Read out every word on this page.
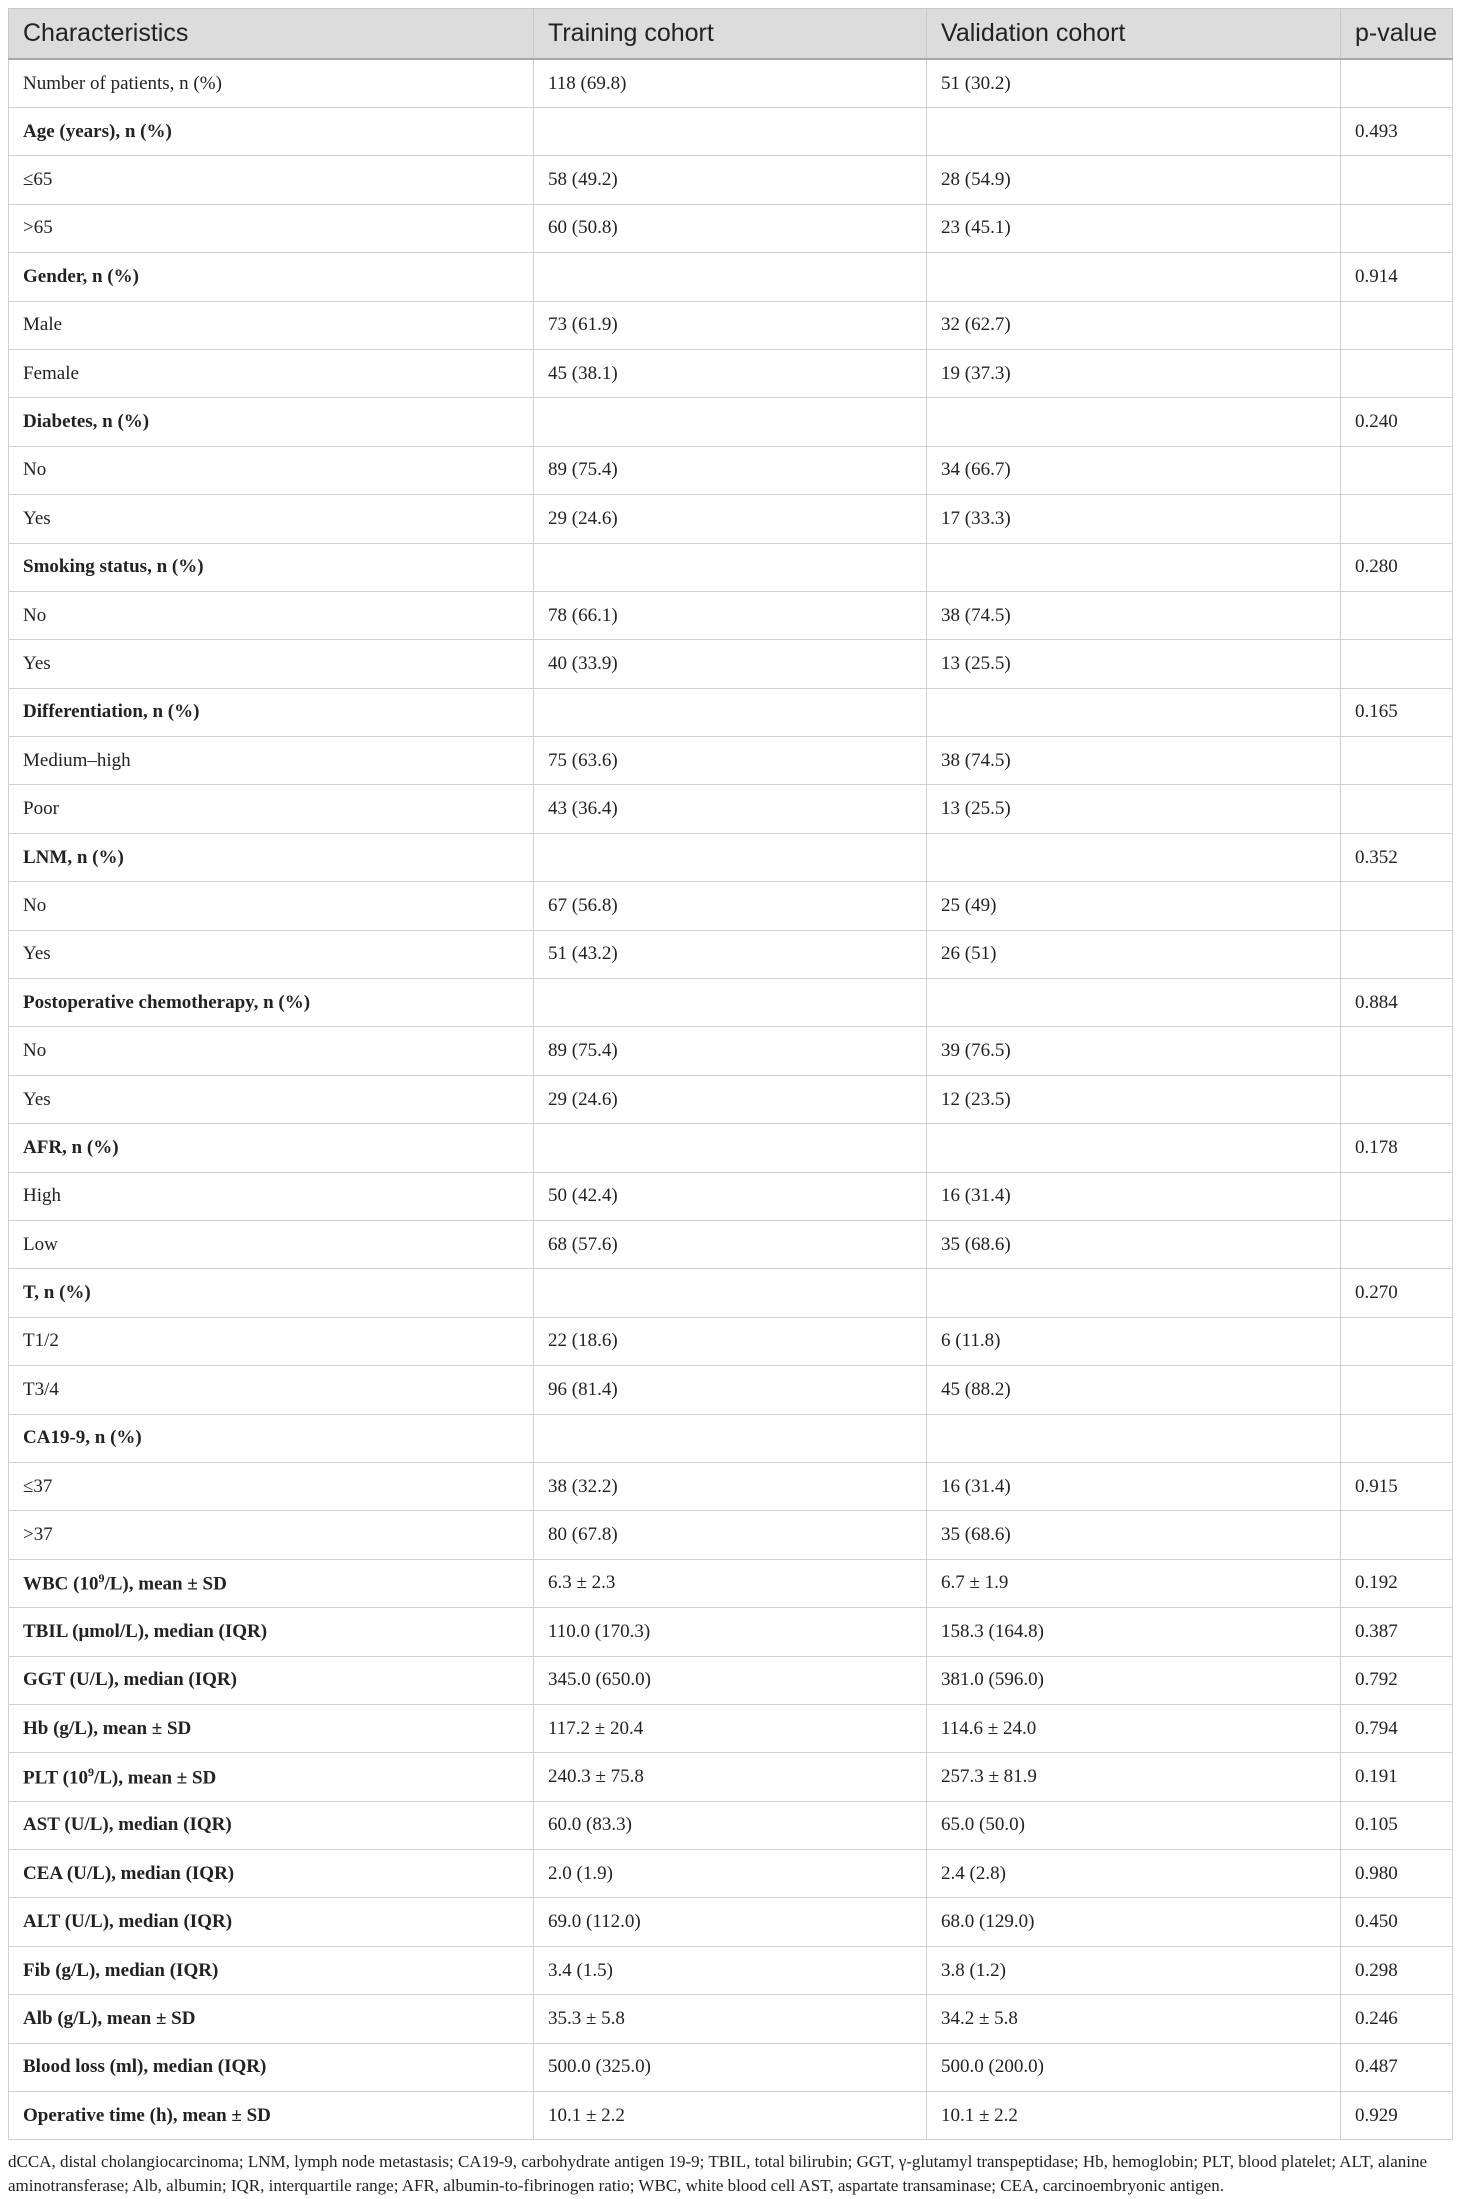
Characteristics	Training cohort	Validation cohort	p-value
Number of patients, n (%)	118 (69.8)	51 (30.2)	
Age (years), n (%)			0.493
≤65	58 (49.2)	28 (54.9)	
>65	60 (50.8)	23 (45.1)	
Gender, n (%)			0.914
Male	73 (61.9)	32 (62.7)	
Female	45 (38.1)	19 (37.3)	
Diabetes, n (%)			0.240
No	89 (75.4)	34 (66.7)	
Yes	29 (24.6)	17 (33.3)	
Smoking status, n (%)			0.280
No	78 (66.1)	38 (74.5)	
Yes	40 (33.9)	13 (25.5)	
Differentiation, n (%)			0.165
Medium–high	75 (63.6)	38 (74.5)	
Poor	43 (36.4)	13 (25.5)	
LNM, n (%)			0.352
No	67 (56.8)	25 (49)	
Yes	51 (43.2)	26 (51)	
Postoperative chemotherapy, n (%)			0.884
No	89 (75.4)	39 (76.5)	
Yes	29 (24.6)	12 (23.5)	
AFR, n (%)			0.178
High	50 (42.4)	16 (31.4)	
Low	68 (57.6)	35 (68.6)	
T, n (%)			0.270
T1/2	22 (18.6)	6 (11.8)	
T3/4	96 (81.4)	45 (88.2)	
CA19-9, n (%)			
≤37	38 (32.2)	16 (31.4)	0.915
>37	80 (67.8)	35 (68.6)	
WBC $(10^9/L)$, mean ± SD	6.3 ± 2.3	6.7 ± 1.9	0.192
TBIL (μmol/L), median (IQR)	110.0 (170.3)	158.3 (164.8)	0.387
GGT (U/L), median (IQR)	345.0 (650.0)	381.0 (596.0)	0.792
Hb (g/L), mean ± SD	117.2 ± 20.4	114.6 ± 24.0	0.794
PLT $(10^9/L)$, mean ± SD	240.3 ± 75.8	257.3 ± 81.9	0.191
AST (U/L), median (IQR)	60.0 (83.3)	65.0 (50.0)	0.105
CEA (U/L), median (IQR)	2.0 (1.9)	2.4 (2.8)	0.980
ALT (U/L), median (IQR)	69.0 (112.0)	68.0 (129.0)	0.450
Fib (g/L), median (IQR)	3.4 (1.5)	3.8 (1.2)	0.298
Alb (g/L), mean ± SD	35.3 ± 5.8	34.2 ± 5.8	0.246
Blood loss (ml), median (IQR)	500.0 (325.0)	500.0 (200.0)	0.487
Operative time (h), mean ± SD	10.1 ± 2.2	10.1 ± 2.2	0.929
dCCA, distal cholangiocarcinoma; LNM, lymph node metastasis; CA19-9, carbohydrate antigen 19-9; TBIL, total bilirubin; GGT, γ-glutamyl transpeptidase; Hb, hemoglobin; PLT, blood platelet; ALT, alanine aminotransferase; Alb, albumin; IQR, interquartile range; AFR, albumin-to-fibrinogen ratio; WBC, white blood cell AST, aspartate transaminase; CEA, carcinoembryonic antigen.
